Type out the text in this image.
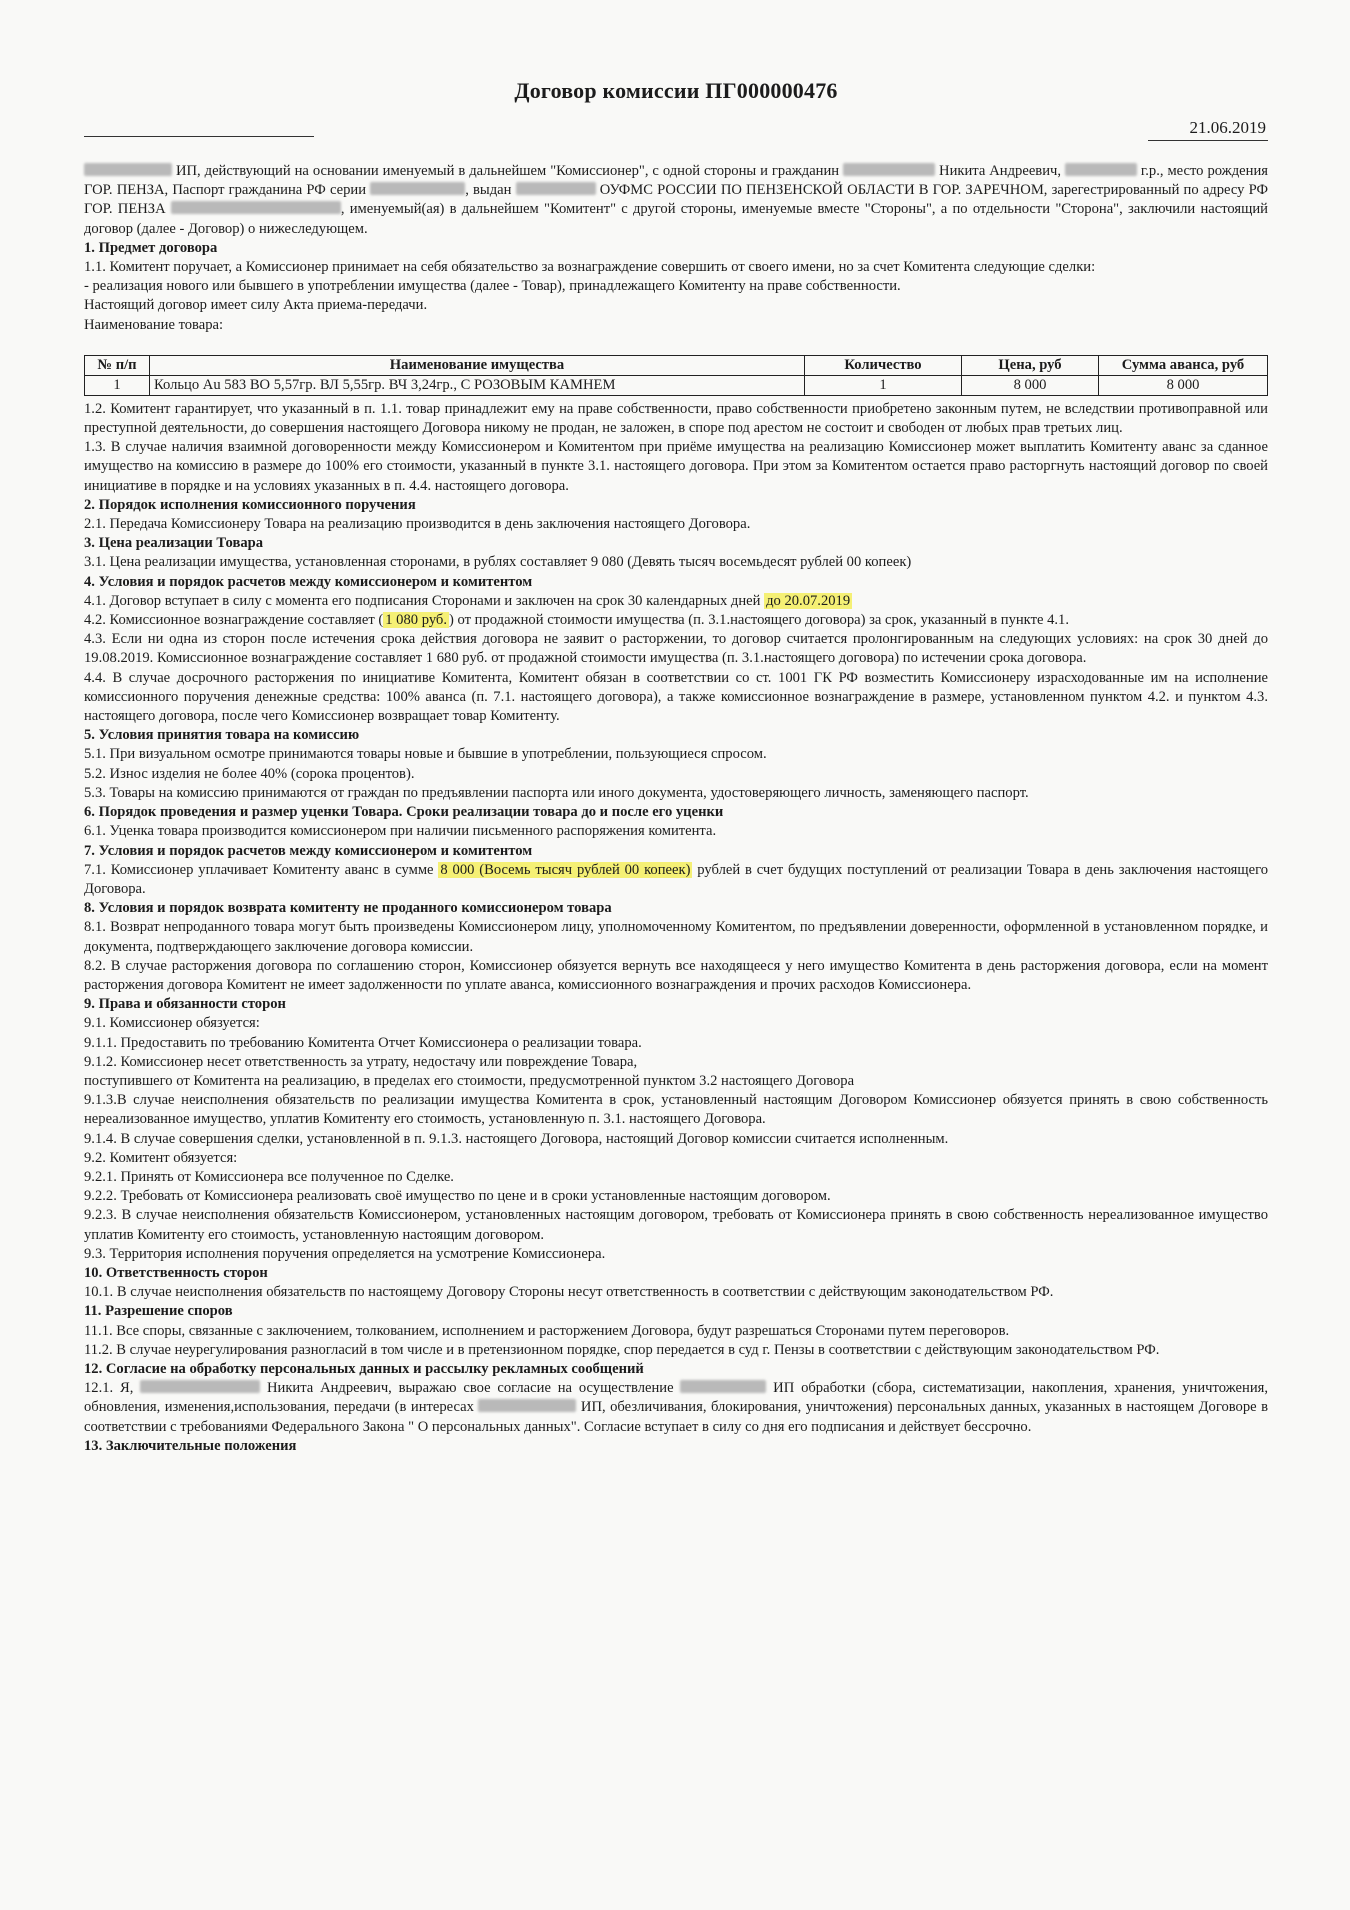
Договор комиссии ПГ000000476
21.06.2019

ИП, действующий на основании именуемый в дальнейшем "Комиссионер", с одной стороны и гражданин	Никита Андреевич,	г.р., место рождения ГОР. ПЕНЗА, Паспорт гражданина РФ серии	, выдан	ОУФМС РОССИИ ПО ПЕНЗЕНСКОЙ ОБЛАСТИ В ГОР. ЗАРЕЧНОМ, зарегестрированный по адресу РФ ГОР. ПЕНЗА	, именуемый(ая) в дальнейшем "Комитент" с другой стороны, именуемые вместе "Стороны", а по отдельности "Сторона", заключили настоящий договор (далее - Договор) о нижеследующем.

1. Предмет договора

1.1. Комитент поручает, а Комиссионер принимает на себя обязательство за вознаграждение совершить от своего имени, но за счет Комитента следующие сделки:

- реализация нового или бывшего в употреблении имущества (далее - Товар), принадлежащего Комитенту на праве собственности.

Настоящий договор имеет силу Акта приема-передачи.

Наименование товара:

№ п/п	Наименование имущества	Количество	Цена, руб	Сумма аванса, руб
1	Кольцо Au 583 ВО 5,57гр. ВЛ 5,55гр. ВЧ 3,24гр., С РОЗОВЫМ КАМНЕМ	1	8 000	8 000

1.2. Комитент гарантирует, что указанный в п. 1.1. товар принадлежит ему на праве собственности, право собственности приобретено законным путем, не вследствии противоправной или преступной деятельности, до совершения настоящего Договора никому не продан, не заложен, в споре под арестом не состоит и свободен от любых прав третьих лиц.

1.3. В случае наличия взаимной договоренности между Комиссионером и Комитентом при приёме имущества на реализацию Комиссионер может выплатить Комитенту аванс за сданное имущество на комиссию в размере до 100% его стоимости, указанный в пункте 3.1. настоящего договора. При этом за Комитентом остается право расторгнуть настоящий договор по своей инициативе в порядке и на условиях указанных в п. 4.4. настоящего договора.

2. Порядок исполнения комиссионного поручения

2.1. Передача Комиссионеру Товара на реализацию производится в день заключения настоящего Договора.

3. Цена реализации Товара

3.1. Цена реализации имущества, установленная сторонами, в рублях составляет 9 080 (Девять тысяч восемьдесят рублей 00 копеек)

4. Условия и порядок расчетов между комиссионером и комитентом

4.1. Договор вступает в силу с момента его подписания Сторонами и заключен на срок 30 календарных дней до 20.07.2019

4.2. Комиссионное вознаграждение составляет ( 1 080 руб. ) от продажной стоимости имущества (п. 3.1.настоящего договора) за срок, указанный в пункте 4.1.

4.3. Если ни одна из сторон после истечения срока действия договора не заявит о расторжении, то договор считается пролонгированным на следующих условиях: на срок 30 дней до 19.08.2019. Комиссионное вознаграждение составляет 1 680 руб. от продажной стоимости имущества (п. 3.1.настоящего договора) по истечении срока договора.

4.4. В случае досрочного расторжения по инициативе Комитента, Комитент обязан в соответствии со ст. 1001 ГК РФ возместить Комиссионеру израсходованные им на исполнение комиссионного поручения денежные средства: 100% аванса (п. 7.1. настоящего договора), а также комиссионное вознаграждение в размере, установленном пунктом 4.2. и пунктом 4.3. настоящего договора, после чего Комиссионер возвращает товар Комитенту.

5. Условия принятия товара на комиссию

5.1. При визуальном осмотре принимаются товары новые и бывшие в употреблении, пользующиеся спросом.

5.2. Износ изделия не более 40% (сорока процентов).

5.3. Товары на комиссию принимаются от граждан по предъявлении паспорта или иного документа, удостоверяющего личность, заменяющего паспорт.

6. Порядок проведения и размер уценки Товара. Сроки реализации товара до и после его уценки

6.1. Уценка товара производится комиссионером при наличии письменного распоряжения комитента.

7. Условия и порядок расчетов между комиссионером и комитентом

7.1. Комиссионер уплачивает Комитенту аванс в сумме 8 000 (Восемь тысяч рублей 00 копеек) рублей в счет будущих поступлений от реализации Товара в день заключения настоящего Договора.

8. Условия и порядок возврата комитенту не проданного комиссионером товара

8.1. Возврат непроданного товара могут быть произведены Комиссионером лицу, уполномоченному Комитентом, по предъявлении доверенности, оформленной в установленном порядке, и документа, подтверждающего заключение договора комиссии.

8.2. В случае расторжения договора по соглашению сторон, Комиссионер обязуется вернуть все находящееся у него имущество Комитента в день расторжения договора, если на момент расторжения договора Комитент не имеет задолженности по уплате аванса, комиссионного вознаграждения и прочих расходов Комиссионера.

9. Права и обязанности сторон

9.1. Комиссионер обязуется:

9.1.1. Предоставить по требованию Комитента Отчет Комиссионера о реализации товара.

9.1.2. Комиссионер несет ответственность за утрату, недостачу или повреждение Товара,

поступившего от Комитента на реализацию, в пределах его стоимости, предусмотренной пунктом 3.2 настоящего Договора

9.1.3.В случае неисполнения обязательств по реализации имущества Комитента в срок, установленный настоящим Договором Комиссионер обязуется принять в свою собственность нереализованное имущество, уплатив Комитенту его стоимость, установленную п. 3.1. настоящего Договора.

9.1.4. В случае совершения сделки, установленной в п. 9.1.3. настоящего Договора, настоящий Договор комиссии считается исполненным.

9.2. Комитент обязуется:

9.2.1. Принять от Комиссионера все полученное по Сделке.

9.2.2. Требовать от Комиссионера реализовать своё имущество по цене и в сроки установленные настоящим договором.

9.2.3. В случае неисполнения обязательств Комиссионером, установленных настоящим договором, требовать от Комиссионера принять в свою собственность нереализованное имущество уплатив Комитенту его стоимость, установленную настоящим договором.

9.3. Территория исполнения поручения определяется на усмотрение Комиссионера.

10. Ответственность сторон

10.1. В случае неисполнения обязательств по настоящему Договору Стороны несут ответственность в соответствии с действующим законодательством РФ.

11. Разрешение споров

11.1. Все споры, связанные с заключением, толкованием, исполнением и расторжением Договора, будут разрешаться Сторонами путем переговоров.

11.2. В случае неурегулирования разногласий в том числе и в претензионном порядке, спор передается в суд г. Пензы в соответствии с действующим законодательством РФ.

12. Согласие на обработку персональных данных и рассылку рекламных сообщений

12.1. Я,	Никита Андреевич, выражаю свое согласие на осуществление	ИП обработки (сбора, систематизации, накопления, хранения, уничтожения, обновления, изменения,использования, передачи (в интересах	ИП, обезличивания, блокирования, уничтожения) персональных данных, указанных в настоящем Договоре в соответствии с требованиями Федерального Закона " О персональных данных". Согласие вступает в силу со дня его подписания и действует бессрочно.

13. Заключительные положения
